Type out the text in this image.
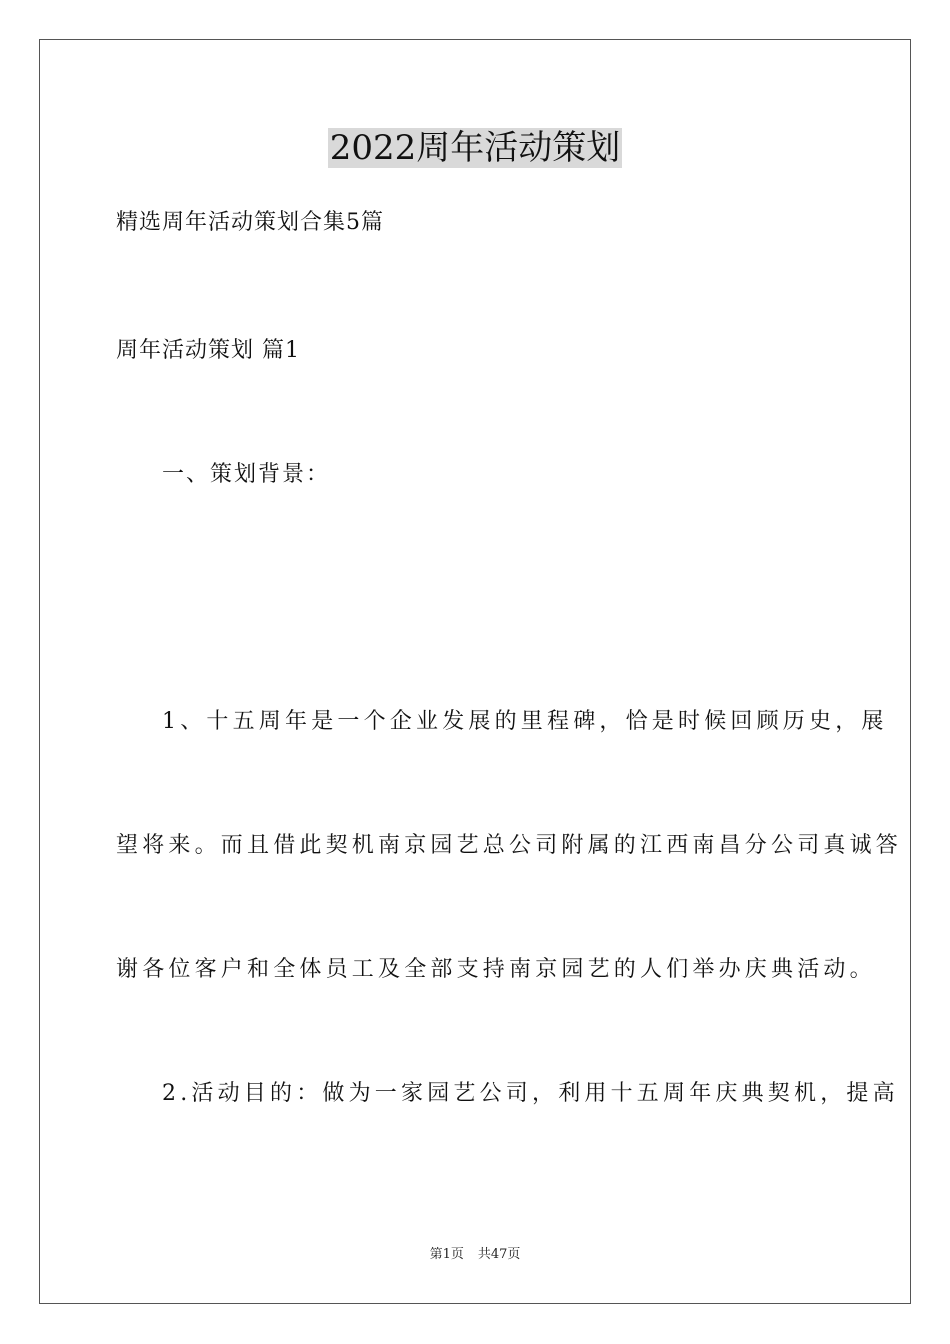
2022周年活动策划
精选周年活动策划合集5篇
周年活动策划 篇1
一、策划背景：
1、十五周年是一个企业发展的里程碑，恰是时候回顾历史，展
望将来。而且借此契机南京园艺总公司附属的江西南昌分公司真诚答
谢各位客户和全体员工及全部支持南京园艺的人们举办庆典活动。
2.活动目的：做为一家园艺公司，利用十五周年庆典契机，提高
第1页 共47页
